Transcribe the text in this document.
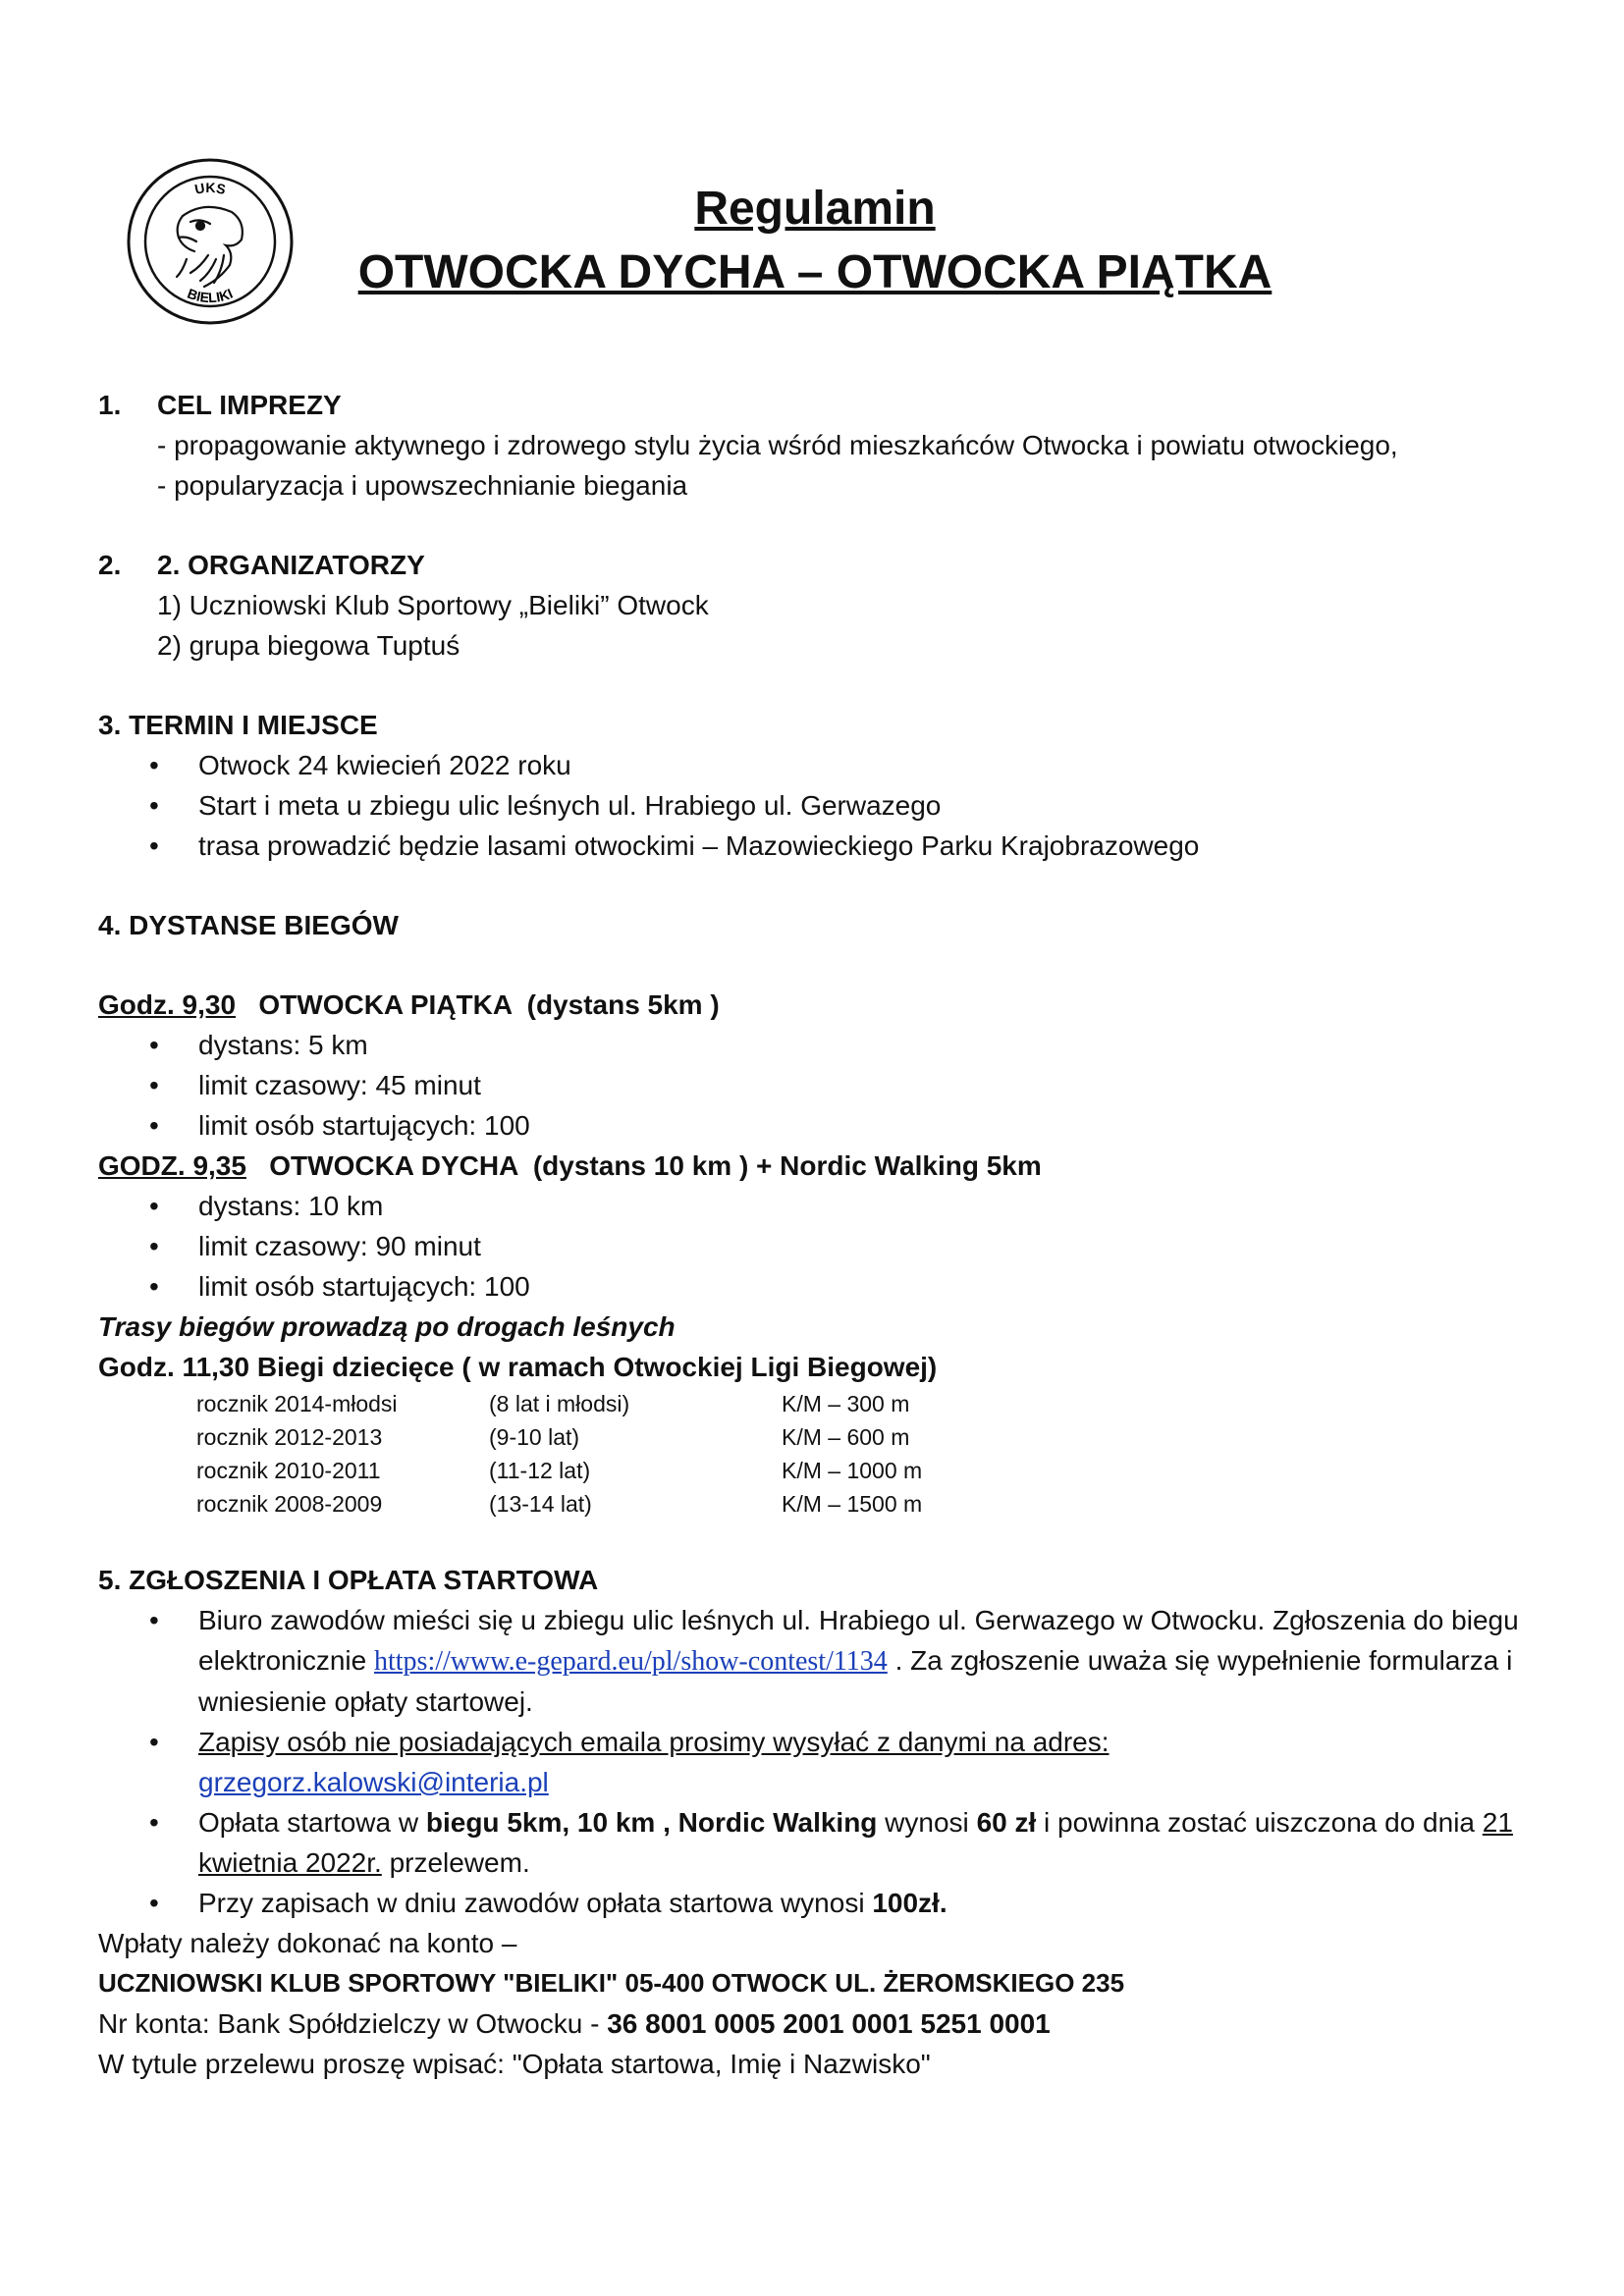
UKS
BIELIKI
Regulamin
OTWOCKA DYCHA – OTWOCKA PIĄTKA
1. CEL IMPREZY
- propagowanie aktywnego i zdrowego stylu życia wśród mieszkańców Otwocka i powiatu otwockiego,
- popularyzacja i upowszechnianie biegania
2. 2. ORGANIZATORZY
1) Uczniowski Klub Sportowy „Bieliki” Otwock
2) grupa biegowa Tuptuś
3. TERMIN I MIEJSCE
• Otwock 24 kwiecień 2022 roku
• Start i meta u zbiegu ulic leśnych ul. Hrabiego ul. Gerwazego
• trasa prowadzić będzie lasami otwockimi – Mazowieckiego Parku Krajobrazowego
4. DYSTANSE BIEGÓW
Godz. 9,30   OTWOCKA PIĄTKA  (dystans 5km )
• dystans: 5 km
• limit czasowy: 45 minut
• limit osób startujących: 100
GODZ. 9,35   OTWOCKA DYCHA  (dystans 10 km ) + Nordic Walking 5km
• dystans: 10 km
• limit czasowy: 90 minut
• limit osób startujących: 100
Trasy biegów prowadzą po drogach leśnych
Godz. 11,30 Biegi dziecięce ( w ramach Otwockiej Ligi Biegowej)
rocznik 2014-młodsi	(8 lat i młodsi)	K/M – 300 m
rocznik 2012-2013	(9-10 lat)	K/M – 600 m
rocznik 2010-2011	(11-12 lat)	K/M – 1000 m
rocznik 2008-2009	(13-14 lat)	K/M – 1500 m
5. ZGŁOSZENIA I OPŁATA STARTOWA
• Biuro zawodów mieści się u zbiegu ulic leśnych ul. Hrabiego ul. Gerwazego w Otwocku. Zgłoszenia do biegu elektronicznie https://www.e-gepard.eu/pl/show-contest/1134 . Za zgłoszenie uważa się wypełnienie formularza i wniesienie opłaty startowej.
• Zapisy osób nie posiadających emaila prosimy wysyłać z danymi na adres:
grzegorz.kalowski@interia.pl
• Opłata startowa w biegu 5km, 10 km , Nordic Walking wynosi 60 zł i powinna zostać uiszczona do dnia 21 kwietnia 2022r. przelewem.
• Przy zapisach w dniu zawodów opłata startowa wynosi 100zł.
Wpłaty należy dokonać na konto –
UCZNIOWSKI KLUB SPORTOWY "BIELIKI" 05-400 OTWOCK UL. ŻEROMSKIEGO 235
Nr konta: Bank Spółdzielczy w Otwocku - 36 8001 0005 2001 0001 5251 0001
W tytule przelewu proszę wpisać: "Opłata startowa, Imię i Nazwisko"
